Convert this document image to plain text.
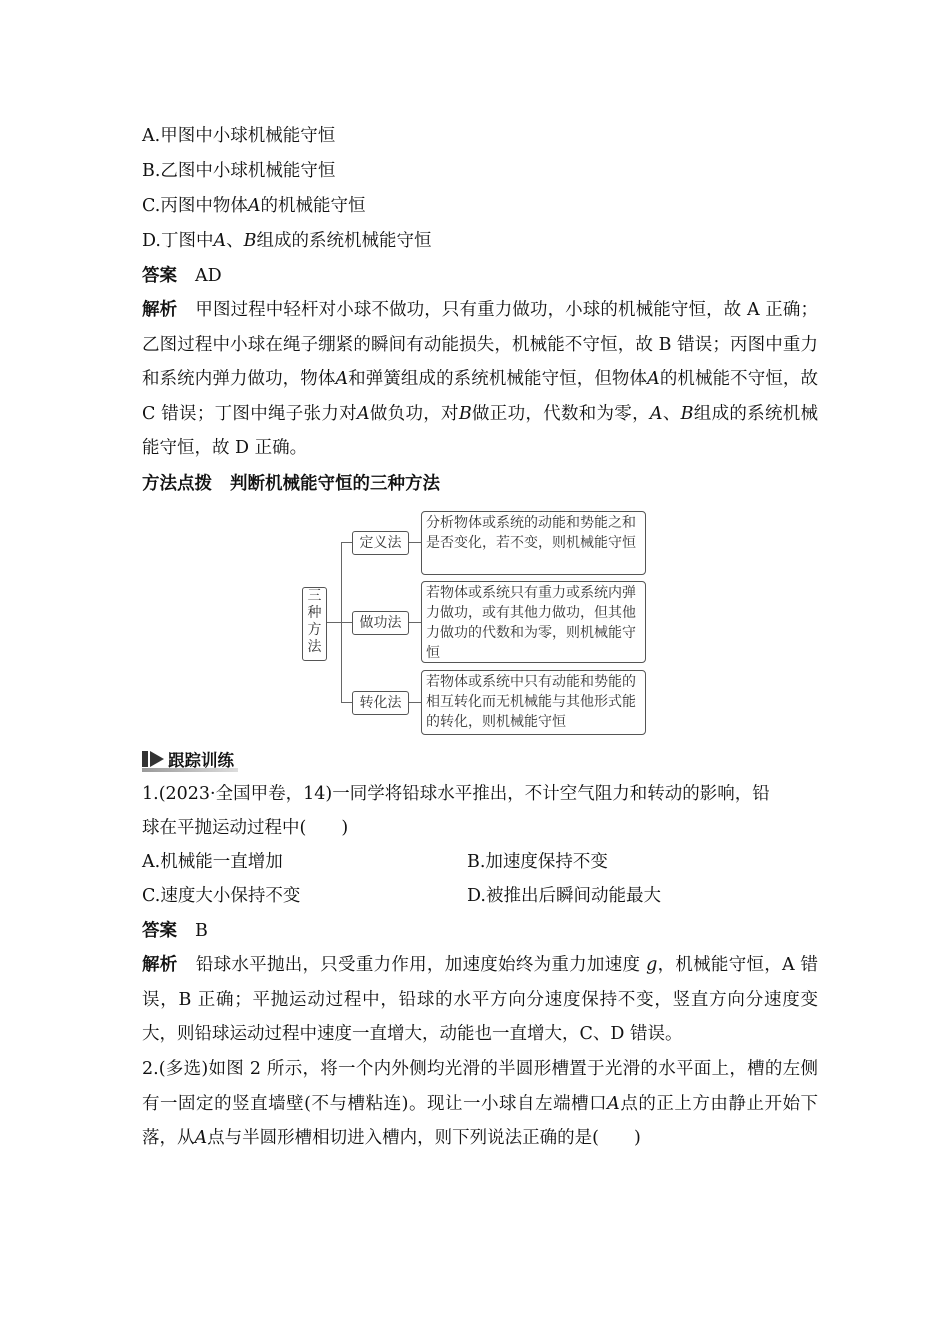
A.甲图中小球机械能守恒
B.乙图中小球机械能守恒
C.丙图中物体A的机械能守恒
D.丁图中A、B组成的系统机械能守恒
答案 AD
解析 甲图过程中轻杆对小球不做功，只有重力做功，小球的机械能守恒，故 A 正确；乙图过程中小球在绳子绷紧的瞬间有动能损失，机械能不守恒，故 B 错误；丙图中重力和系统内弹力做功，物体A和弹簧组成的系统机械能守恒，但物体A的机械能不守恒，故 C 错误；丁图中绳子张力对A做负功，对B做正功，代数和为零，A、B组成的系统机械能守恒，故 D 正确。
方法点拨 判断机械能守恒的三种方法
三
种
方
法
定义法
分析物体或系统的动能和势能之和是否变化，若不变，则机械能守恒
做功法
若物体或系统只有重力或系统内弹力做功，或有其他力做功，但其他力做功的代数和为零，则机械能守恒
转化法
若物体或系统中只有动能和势能的相互转化而无机械能与其他形式能的转化，则机械能守恒
跟踪训练
1.(2023·全国甲卷，14)一同学将铅球水平推出，不计空气阻力和转动的影响，铅
球在平抛运动过程中(　　)
A.机械能一直增加	B.加速度保持不变
C.速度大小保持不变	D.被推出后瞬间动能最大
答案 B
解析 铅球水平抛出，只受重力作用，加速度始终为重力加速度 g，机械能守恒，A 错误，B 正确；平抛运动过程中，铅球的水平方向分速度保持不变，竖直方向分速度变大，则铅球运动过程中速度一直增大，动能也一直增大，C、D 错误。
2.(多选)如图 2 所示，将一个内外侧均光滑的半圆形槽置于光滑的水平面上，槽的左侧有一固定的竖直墙壁(不与槽粘连)。现让一小球自左端槽口A点的正上方由静止开始下落，从A点与半圆形槽相切进入槽内，则下列说法正确的是(　　)
